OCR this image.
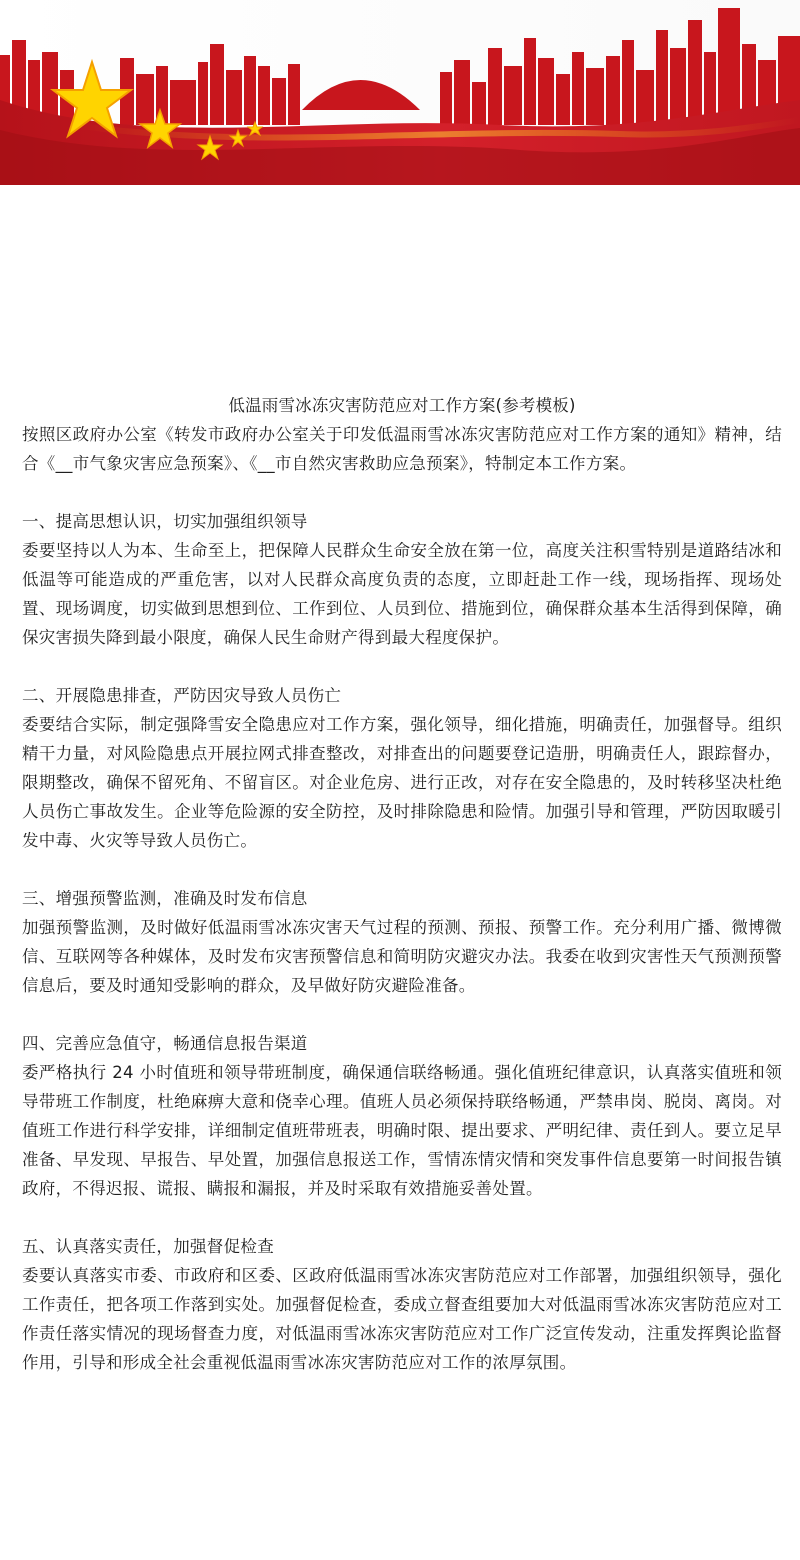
低温雨雪冰冻灾害防范应对工作方案(参考模板)

按照区政府办公室《转发市政府办公室关于印发低温雨雪冰冻灾害防范应对工作方案的通知》精神，结合《__市气象灾害应急预案》、《__市自然灾害救助应急预案》，特制定本工作方案。

一、提高思想认识，切实加强组织领导

委要坚持以人为本、生命至上，把保障人民群众生命安全放在第一位，高度关注积雪特别是道路结冰和低温等可能造成的严重危害，以对人民群众高度负责的态度，立即赶赴工作一线，现场指挥、现场处置、现场调度，切实做到思想到位、工作到位、人员到位、措施到位，确保群众基本生活得到保障，确保灾害损失降到最小限度，确保人民生命财产得到最大程度保护。

二、开展隐患排查，严防因灾导致人员伤亡

委要结合实际，制定强降雪安全隐患应对工作方案，强化领导，细化措施，明确责任，加强督导。组织精干力量，对风险隐患点开展拉网式排查整改，对排查出的问题要登记造册，明确责任人，跟踪督办，限期整改，确保不留死角、不留盲区。对企业危房、进行正改，对存在安全隐患的，及时转移坚决杜绝人员伤亡事故发生。企业等危险源的安全防控，及时排除隐患和险情。加强引导和管理，严防因取暖引发中毒、火灾等导致人员伤亡。

三、增强预警监测，准确及时发布信息

加强预警监测，及时做好低温雨雪冰冻灾害天气过程的预测、预报、预警工作。充分利用广播、微博微信、互联网等各种媒体，及时发布灾害预警信息和简明防灾避灾办法。我委在收到灾害性天气预测预警信息后，要及时通知受影响的群众，及早做好防灾避险准备。

四、完善应急值守，畅通信息报告渠道

委严格执行 24 小时值班和领导带班制度，确保通信联络畅通。强化值班纪律意识，认真落实值班和领导带班工作制度，杜绝麻痹大意和侥幸心理。值班人员必须保持联络畅通，严禁串岗、脱岗、离岗。对值班工作进行科学安排，详细制定值班带班表，明确时限、提出要求、严明纪律、责任到人。要立足早准备、早发现、早报告、早处置，加强信息报送工作，雪情冻情灾情和突发事件信息要第一时间报告镇政府，不得迟报、谎报、瞒报和漏报，并及时采取有效措施妥善处置。

五、认真落实责任，加强督促检查

委要认真落实市委、市政府和区委、区政府低温雨雪冰冻灾害防范应对工作部署，加强组织领导，强化工作责任，把各项工作落到实处。加强督促检查，委成立督查组要加大对低温雨雪冰冻灾害防范应对工作责任落实情况的现场督查力度，对低温雨雪冰冻灾害防范应对工作广泛宣传发动，注重发挥舆论监督作用，引导和形成全社会重视低温雨雪冰冻灾害防范应对工作的浓厚氛围。
